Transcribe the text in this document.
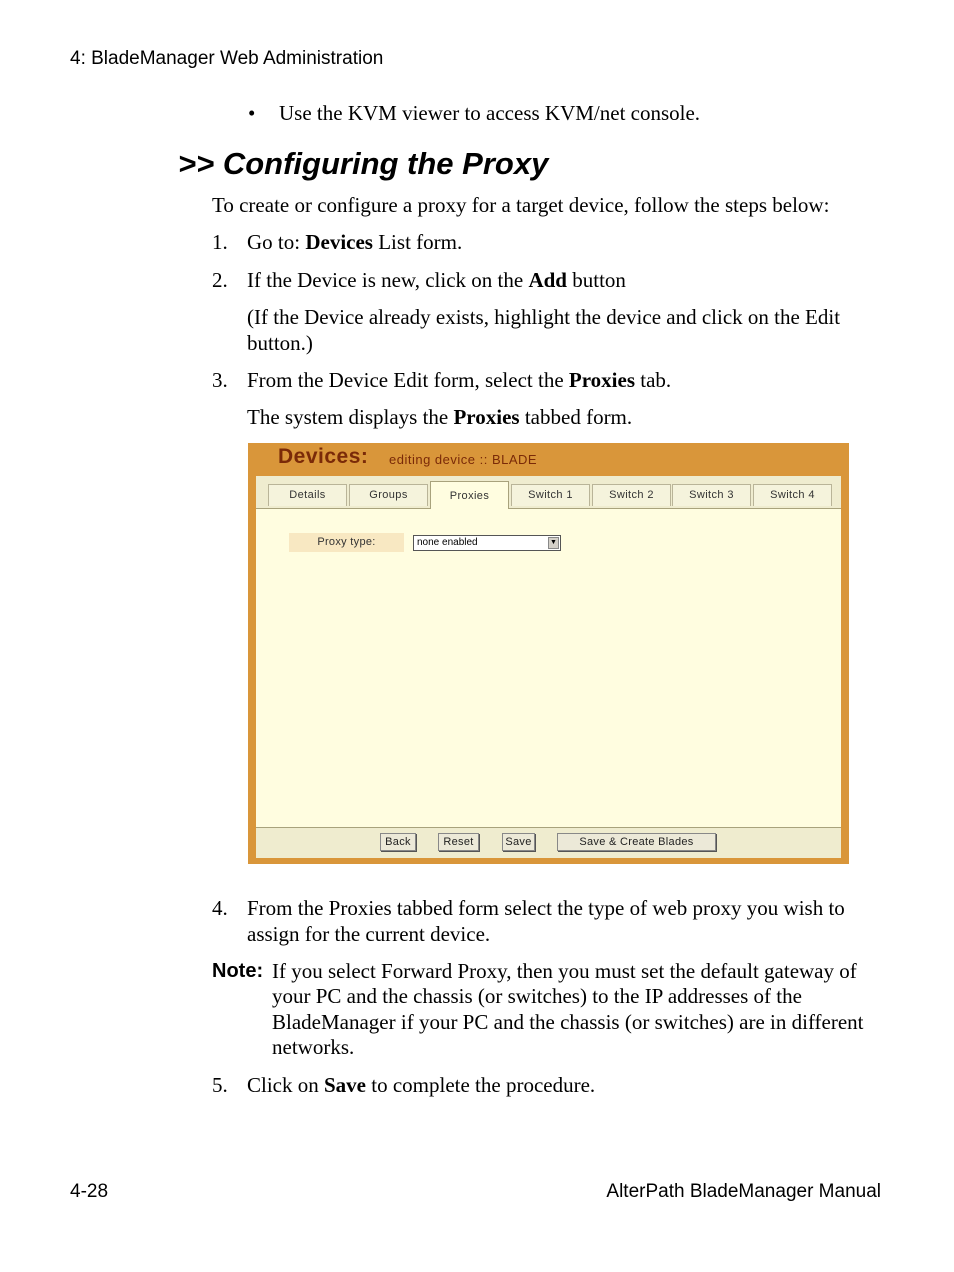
4: BladeManager Web Administration
• Use the KVM viewer to access KVM/net console.
>> Configuring the Proxy
To create or configure a proxy for a target device, follow the steps below:
1. Go to: Devices List form.
2. If the Device is new, click on the Add button
(If the Device already exists, highlight the device and click on the Edit
button.)
3. From the Device Edit form, select the Proxies tab.
The system displays the Proxies tabbed form.
Devices: editing device :: BLADE
Details	Groups	Proxies	Switch 1	Switch 2	Switch 3	Switch 4
Proxy type:	none enabled	▼
Back	Reset	Save	Save & Create Blades
4. From the Proxies tabbed form select the type of web proxy you wish to
assign for the current device.
Note: If you select Forward Proxy, then you must set the default gateway of
your PC and the chassis (or switches) to the IP addresses of the
BladeManager if your PC and the chassis (or switches) are in different
networks.
5. Click on Save to complete the procedure.
4-28	AlterPath BladeManager Manual
